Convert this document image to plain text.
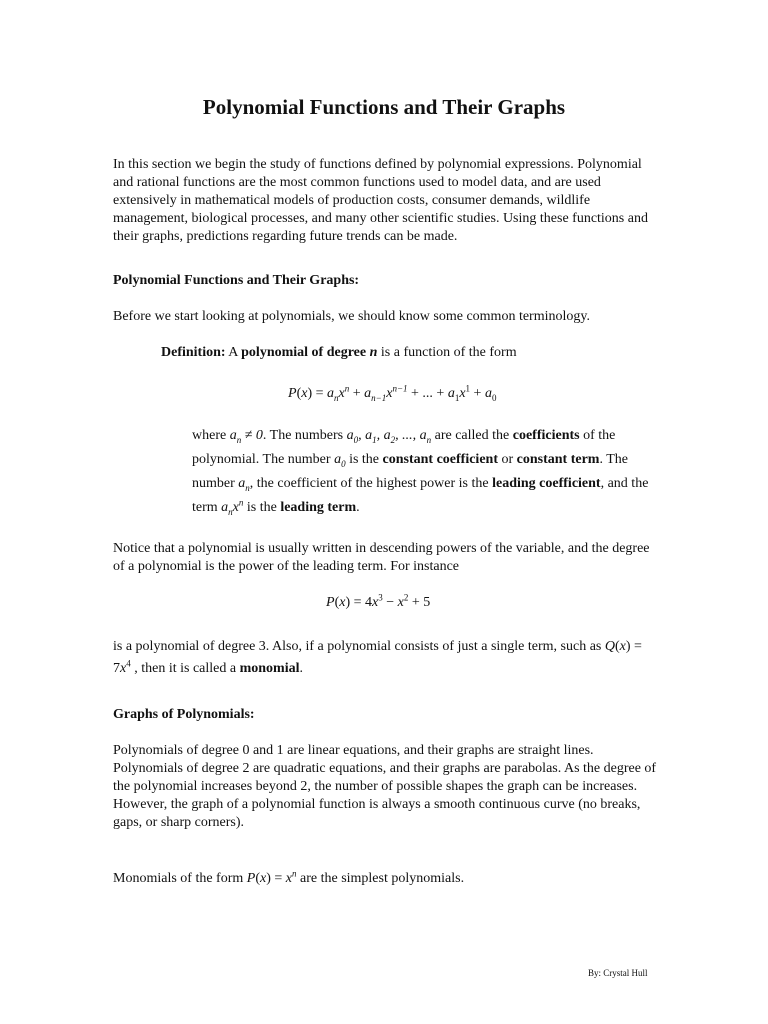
Polynomial Functions and Their Graphs
In this section we begin the study of functions defined by polynomial expressions. Polynomial and rational functions are the most common functions used to model data, and are used extensively in mathematical models of production costs, consumer demands, wildlife management, biological processes, and many other scientific studies. Using these functions and their graphs, predictions regarding future trends can be made.
Polynomial Functions and Their Graphs:
Before we start looking at polynomials, we should know some common terminology.
Definition: A polynomial of degree n is a function of the form
$P(x) = a_nx^n + a_{n-1}x^{n-1}$ + ... + $a_1x^1 + a_0$
where $a_n \ne 0$. The numbers $a_0$, $a_1$, $a_2$, ..., $a_n$ are called the coefficients of the polynomial. The number $a_0$ is the constant coefficient or constant term. The number $a_n$, the coefficient of the highest power is the leading coefficient, and the term $a_nx^n$ is the leading term.
Notice that a polynomial is usually written in descending powers of the variable, and the degree of a polynomial is the power of the leading term. For instance
$P(x) = 4x^3 - x^2 + 5$
is a polynomial of degree 3. Also, if a polynomial consists of just a single term, such as $Q(x) = 7x^4$ , then it is called a monomial.
Graphs of Polynomials:
Polynomials of degree 0 and 1 are linear equations, and their graphs are straight lines. Polynomials of degree 2 are quadratic equations, and their graphs are parabolas. As the degree of the polynomial increases beyond 2, the number of possible shapes the graph can be increases. However, the graph of a polynomial function is always a smooth continuous curve (no breaks, gaps, or sharp corners).
Monomials of the form $P(x) = x^n$ are the simplest polynomials.
By: Crystal Hull
